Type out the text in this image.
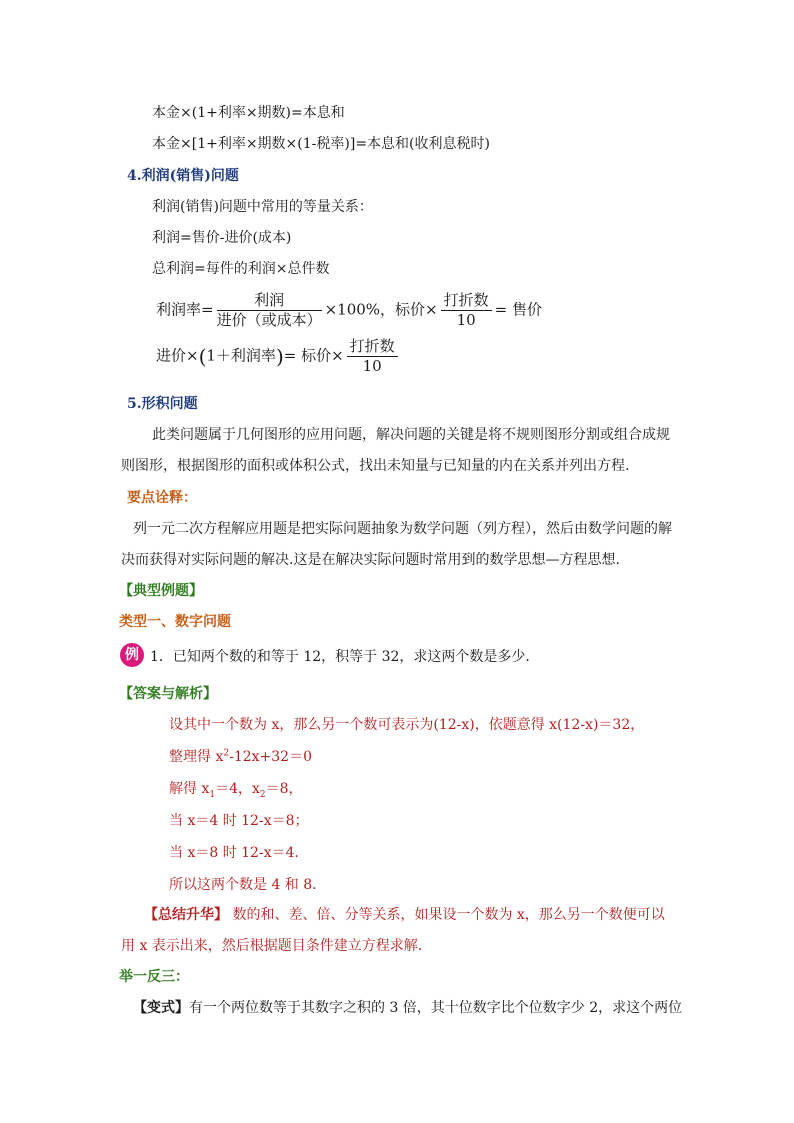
本金×(1+利率×期数)=本息和
本金×[1+利率×期数×(1-税率)]=本息和(收利息税时)
4.利润(销售)问题
利润(销售)问题中常用的等量关系：
利润=售价-进价(成本)
总利润=每件的利润×总件数
利润率= $\frac{\text{利润}}{\text{进价（或成本）}} \times 100\%$，标价× $\frac{\text{打折数}}{10}$ = 售价
进价×(1＋利润率)= 标价× $\frac{\text{打折数}}{10}$
5.形积问题
此类问题属于几何图形的应用问题，解决问题的关键是将不规则图形分割或组合成规
则图形，根据图形的面积或体积公式，找出未知量与已知量的内在关系并列出方程.
要点诠释：
列一元二次方程解应用题是把实际问题抽象为数学问题（列方程），然后由数学问题的解
决而获得对实际问题的解决.这是在解决实际问题时常用到的数学思想—方程思想.
【典型例题】
类型一、数字问题
例 1．已知两个数的和等于 12，积等于 32，求这两个数是多少．
【答案与解析】
设其中一个数为 x，那么另一个数可表示为(12-x)，依题意得 x(12-x)＝32，
整理得 $x^2-12x+32=0$
解得 $x_1=4$，$x_2=8$，
当 x＝4 时 12-x＝8；
当 x＝8 时 12-x＝4．
所以这两个数是 4 和 8．
【总结升华】 数的和、差、倍、分等关系，如果设一个数为 x，那么另一个数便可以
用 x 表示出来，然后根据题目条件建立方程求解．
举一反三：
【变式】有一个两位数等于其数字之积的 3 倍，其十位数字比个位数字少 2，求这个两位
